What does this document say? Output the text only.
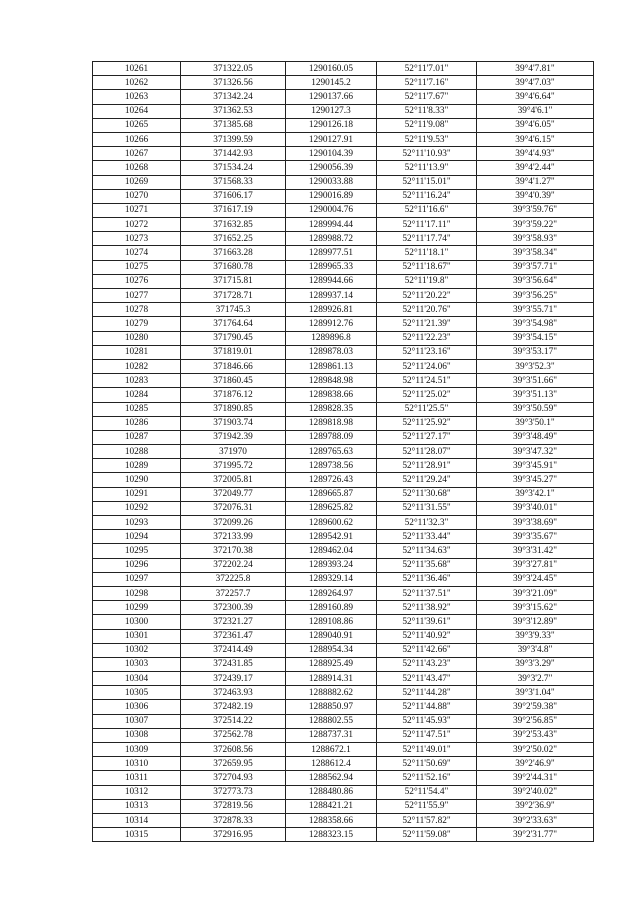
10261	371322.05	1290160.05	52°11'7.01"	39°4'7.81"
10262	371326.56	1290145.2	52°11'7.16"	39°4'7.03"
10263	371342.24	1290137.66	52°11'7.67"	39°4'6.64"
10264	371362.53	1290127.3	52°11'8.33"	39°4'6.1"
10265	371385.68	1290126.18	52°11'9.08"	39°4'6.05"
10266	371399.59	1290127.91	52°11'9.53"	39°4'6.15"
10267	371442.93	1290104.39	52°11'10.93"	39°4'4.93"
10268	371534.24	1290056.39	52°11'13.9"	39°4'2.44"
10269	371568.33	1290033.88	52°11'15.01"	39°4'1.27"
10270	371606.17	1290016.89	52°11'16.24"	39°4'0.39"
10271	371617.19	1290004.76	52°11'16.6"	39°3'59.76"
10272	371632.85	1289994.44	52°11'17.11"	39°3'59.22"
10273	371652.25	1289988.72	52°11'17.74"	39°3'58.93"
10274	371663.28	1289977.51	52°11'18.1"	39°3'58.34"
10275	371680.78	1289965.33	52°11'18.67"	39°3'57.71"
10276	371715.81	1289944.66	52°11'19.8"	39°3'56.64"
10277	371728.71	1289937.14	52°11'20.22"	39°3'56.25"
10278	371745.3	1289926.81	52°11'20.76"	39°3'55.71"
10279	371764.64	1289912.76	52°11'21.39"	39°3'54.98"
10280	371790.45	1289896.8	52°11'22.23"	39°3'54.15"
10281	371819.01	1289878.03	52°11'23.16"	39°3'53.17"
10282	371846.66	1289861.13	52°11'24.06"	39°3'52.3"
10283	371860.45	1289848.98	52°11'24.51"	39°3'51.66"
10284	371876.12	1289838.66	52°11'25.02"	39°3'51.13"
10285	371890.85	1289828.35	52°11'25.5"	39°3'50.59"
10286	371903.74	1289818.98	52°11'25.92"	39°3'50.1"
10287	371942.39	1289788.09	52°11'27.17"	39°3'48.49"
10288	371970	1289765.63	52°11'28.07"	39°3'47.32"
10289	371995.72	1289738.56	52°11'28.91"	39°3'45.91"
10290	372005.81	1289726.43	52°11'29.24"	39°3'45.27"
10291	372049.77	1289665.87	52°11'30.68"	39°3'42.1"
10292	372076.31	1289625.82	52°11'31.55"	39°3'40.01"
10293	372099.26	1289600.62	52°11'32.3"	39°3'38.69"
10294	372133.99	1289542.91	52°11'33.44"	39°3'35.67"
10295	372170.38	1289462.04	52°11'34.63"	39°3'31.42"
10296	372202.24	1289393.24	52°11'35.68"	39°3'27.81"
10297	372225.8	1289329.14	52°11'36.46"	39°3'24.45"
10298	372257.7	1289264.97	52°11'37.51"	39°3'21.09"
10299	372300.39	1289160.89	52°11'38.92"	39°3'15.62"
10300	372321.27	1289108.86	52°11'39.61"	39°3'12.89"
10301	372361.47	1289040.91	52°11'40.92"	39°3'9.33"
10302	372414.49	1288954.34	52°11'42.66"	39°3'4.8"
10303	372431.85	1288925.49	52°11'43.23"	39°3'3.29"
10304	372439.17	1288914.31	52°11'43.47"	39°3'2.7"
10305	372463.93	1288882.62	52°11'44.28"	39°3'1.04"
10306	372482.19	1288850.97	52°11'44.88"	39°2'59.38"
10307	372514.22	1288802.55	52°11'45.93"	39°2'56.85"
10308	372562.78	1288737.31	52°11'47.51"	39°2'53.43"
10309	372608.56	1288672.1	52°11'49.01"	39°2'50.02"
10310	372659.95	1288612.4	52°11'50.69"	39°2'46.9"
10311	372704.93	1288562.94	52°11'52.16"	39°2'44.31"
10312	372773.73	1288480.86	52°11'54.4"	39°2'40.02"
10313	372819.56	1288421.21	52°11'55.9"	39°2'36.9"
10314	372878.33	1288358.66	52°11'57.82"	39°2'33.63"
10315	372916.95	1288323.15	52°11'59.08"	39°2'31.77"
